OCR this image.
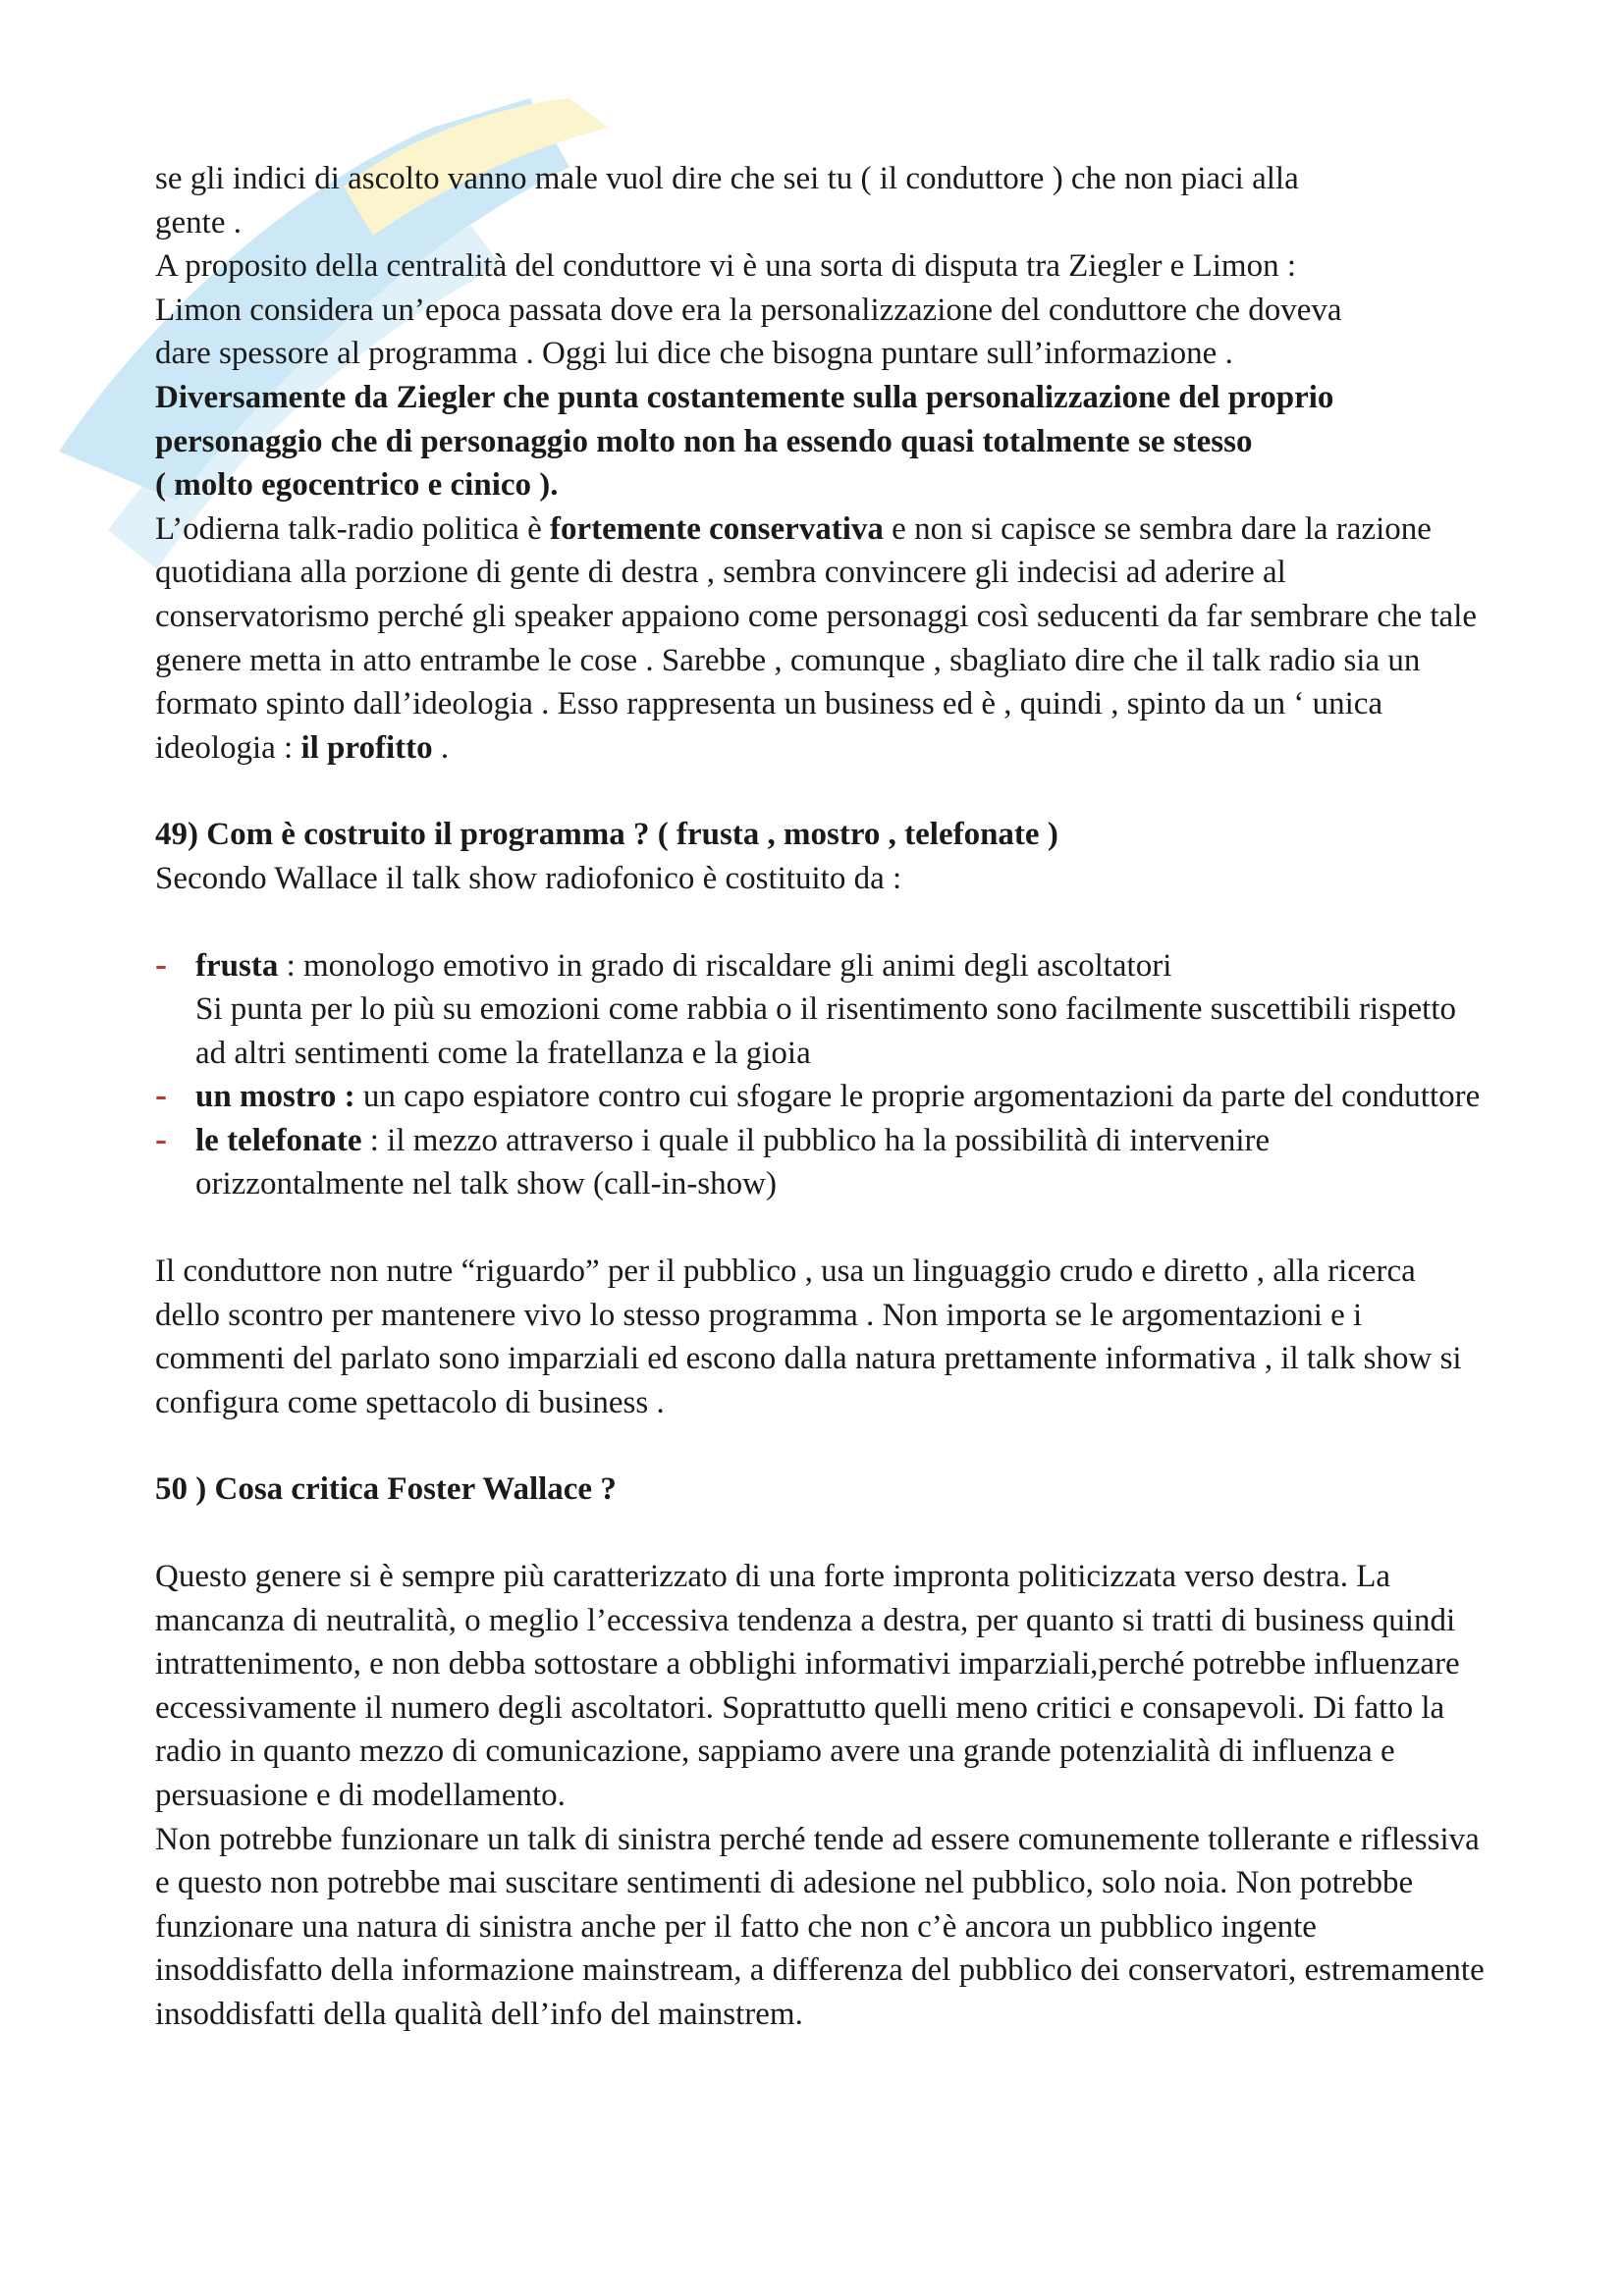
se gli indici di ascolto vanno male vuol dire che sei tu ( il conduttore ) che non piaci alla
gente .

A proposito della centralità del conduttore vi è una sorta di disputa tra Ziegler e Limon :
Limon considera un’epoca passata dove era la personalizzazione del conduttore che doveva
dare spessore al programma . Oggi lui dice che bisogna puntare sull’informazione .

Diversamente da Ziegler che punta costantemente sulla personalizzazione del proprio
personaggio che di personaggio molto non ha essendo quasi totalmente se stesso
( molto egocentrico e cinico ).

L’odierna talk-radio politica è fortemente conservativa e non si capisce se sembra dare la razione quotidiana alla porzione di gente di destra , sembra convincere gli indecisi ad aderire al conservatorismo perché gli speaker appaiono come personaggi così seducenti da far sembrare che tale genere metta in atto entrambe le cose . Sarebbe , comunque , sbagliato dire che il talk radio sia un formato spinto dall’ideologia . Esso rappresenta un business ed è , quindi , spinto da un ‘ unica ideologia : il profitto .

49) Com è costruito il programma ? ( frusta , mostro , telefonate )

Secondo Wallace il talk show radiofonico è costituito da :

- frusta : monologo emotivo in grado di riscaldare gli animi degli ascoltatori
Si punta per lo più su emozioni come rabbia o il risentimento sono facilmente suscettibili rispetto ad altri sentimenti come la fratellanza e la gioia
- un mostro : un capo espiatore contro cui sfogare le proprie argomentazioni da parte del conduttore
- le telefonate : il mezzo attraverso i quale il pubblico ha la possibilità di intervenire orizzontalmente nel talk show (call-in-show)

Il conduttore non nutre “riguardo” per il pubblico , usa un linguaggio crudo e diretto , alla ricerca dello scontro per mantenere vivo lo stesso programma . Non importa se le argomentazioni e i commenti del parlato sono imparziali ed escono dalla natura prettamente informativa , il talk show si configura come spettacolo di business .

50 ) Cosa critica Foster Wallace ?

Questo genere si è sempre più caratterizzato di una forte impronta politicizzata verso destra. La mancanza di neutralità, o meglio l’eccessiva tendenza a destra, per quanto si tratti di business quindi intrattenimento, e non debba sottostare a obblighi informativi imparziali,perché potrebbe influenzare eccessivamente il numero degli ascoltatori. Soprattutto quelli meno critici e consapevoli. Di fatto la radio in quanto mezzo di comunicazione, sappiamo avere una grande potenzialità di influenza e persuasione e di modellamento.

Non potrebbe funzionare un talk di sinistra perché tende ad essere comunemente tollerante e riflessiva e questo non potrebbe mai suscitare sentimenti di adesione nel pubblico, solo noia. Non potrebbe funzionare una natura di sinistra anche per il fatto che non c’è ancora un pubblico ingente insoddisfatto della informazione mainstream, a differenza del pubblico dei conservatori, estremamente insoddisfatti della qualità dell’info del mainstrem.
